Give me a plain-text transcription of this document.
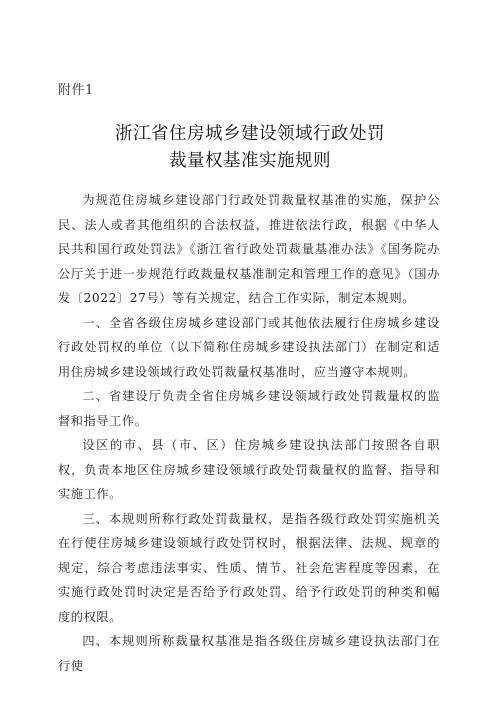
附件1
浙江省住房城乡建设领域行政处罚
裁量权基准实施规则

为规范住房城乡建设部门行政处罚裁量权基准的实施，保护公民、法人或者其他组织的合法权益，推进依法行政，根据《中华人民共和国行政处罚法》《浙江省行政处罚裁量基准办法》《国务院办公厅关于进一步规范行政裁量权基准制定和管理工作的意见》（国办发〔2022〕27号）等有关规定，结合工作实际，制定本规则。

一、全省各级住房城乡建设部门或其他依法履行住房城乡建设行政处罚权的单位（以下简称住房城乡建设执法部门）在制定和适用住房城乡建设领域行政处罚裁量权基准时，应当遵守本规则。

二、省建设厅负责全省住房城乡建设领域行政处罚裁量权的监督和指导工作。

设区的市、县（市、区）住房城乡建设执法部门按照各自职权，负责本地区住房城乡建设领域行政处罚裁量权的监督、指导和实施工作。

三、本规则所称行政处罚裁量权，是指各级行政处罚实施机关在行使住房城乡建设领域行政处罚权时，根据法律、法规、规章的规定，综合考虑违法事实、性质、情节、社会危害程度等因素，在实施行政处罚时决定是否给予行政处罚、给予行政处罚的种类和幅度的权限。

四、本规则所称裁量权基准是指各级住房城乡建设执法部门在行使
